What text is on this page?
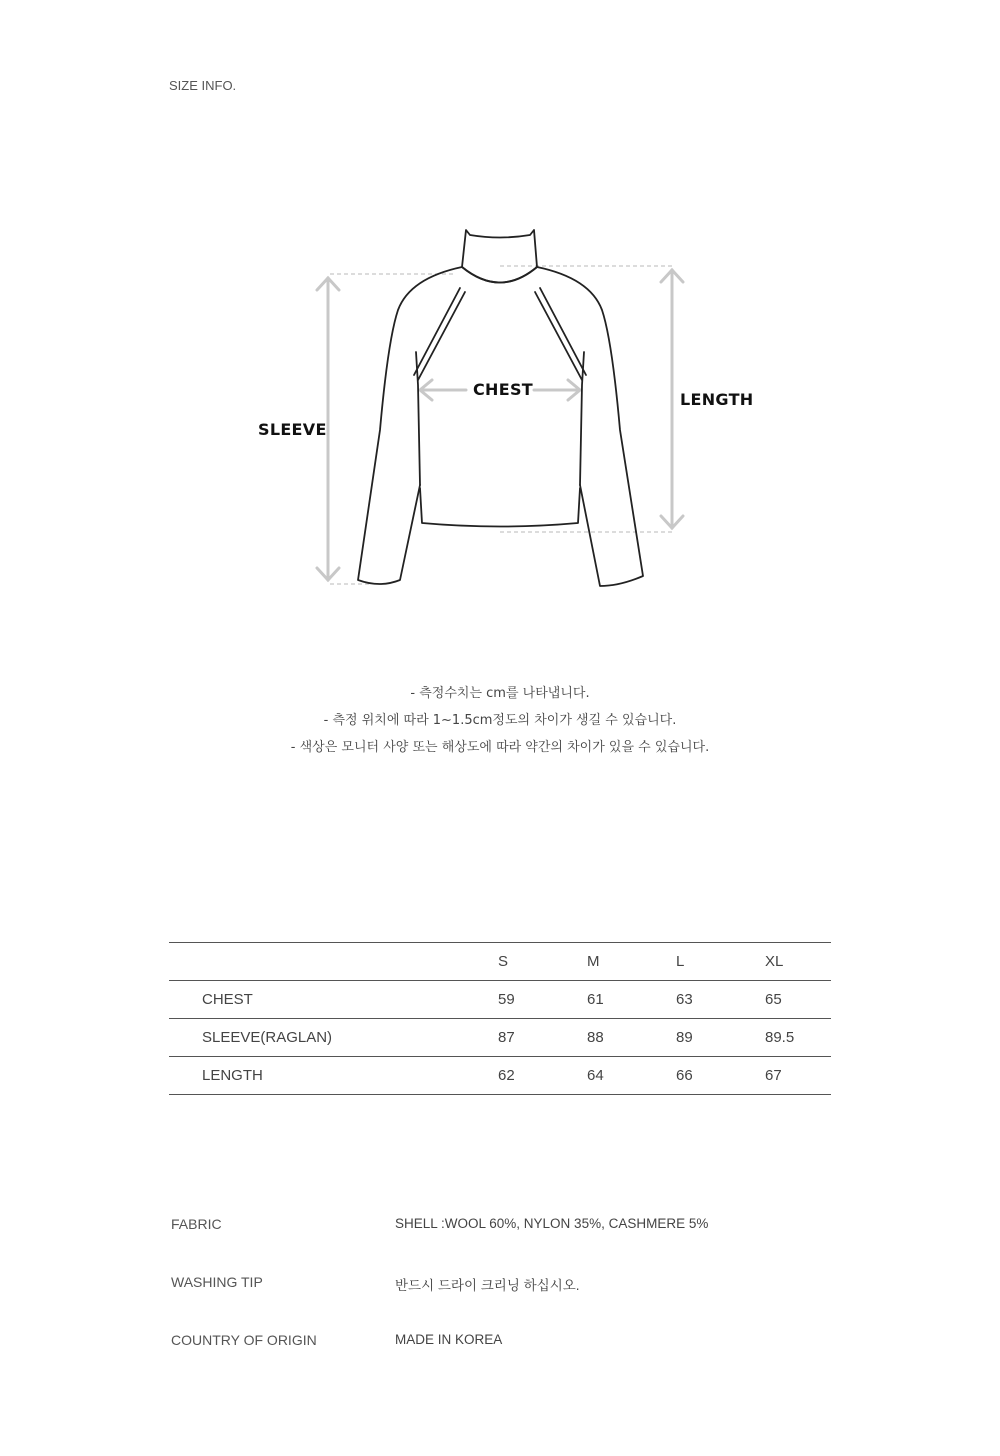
SIZE INFO.
CHEST
SLEEVE
LENGTH
- 측정수치는 cm를 나타냅니다.
- 측정 위치에 따라 1~1.5cm정도의 차이가 생길 수 있습니다.
- 색상은 모니터 사양 또는 해상도에 따라 약간의 차이가 있을 수 있습니다.
	S	M	L	XL
CHEST	59	61	63	65
SLEEVE(RAGLAN)	87	88	89	89.5
LENGTH	62	64	66	67
FABRIC	SHELL :WOOL 60%, NYLON 35%, CASHMERE 5%
WASHING TIP	반드시 드라이 크리닝 하십시오.
COUNTRY OF ORIGIN	MADE IN KOREA
